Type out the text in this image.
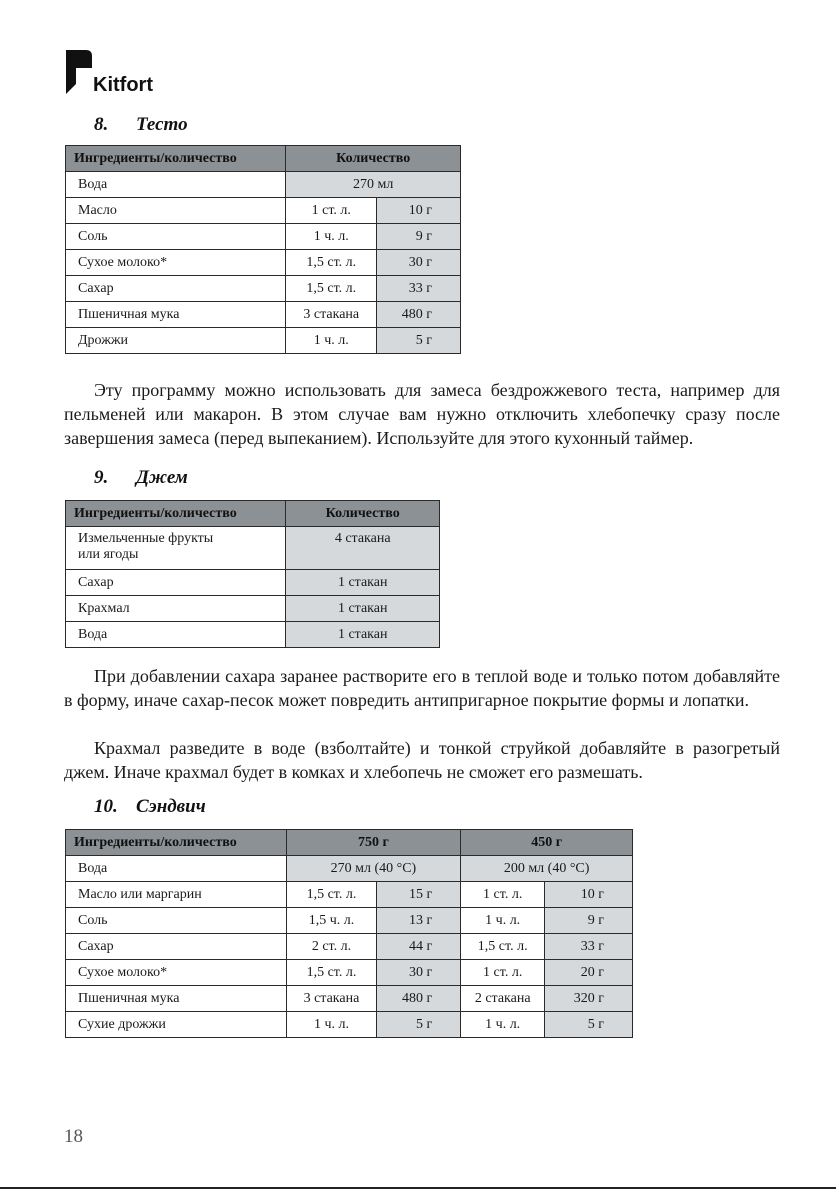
Kitfort
8. Тесто
Ингредиенты/количество	Количество	
Вода	270 мл	
Масло	1 ст. л.	10 г
Соль	1 ч. л.	9 г
Сухое молоко*	1,5 ст. л.	30 г
Сахар	1,5 ст. л.	33 г
Пшеничная мука	3 стакана	480 г
Дрожжи	1 ч. л.	5 г

Эту программу можно использовать для замеса бездрожжевого теста, например для пельменей или макарон. В этом случае вам нужно отключить хлебопечку сразу после завершения замеса (перед выпеканием). Используйте для этого кухонный таймер.

9. Джем
Ингредиенты/количество	Количество
Измельченные фрукты
или ягоды	4 стакана
Сахар	1 стакан
Крахмал	1 стакан
Вода	1 стакан

При добавлении сахара заранее растворите его в теплой воде и только потом добавляйте в форму, иначе сахар-песок может повредить антипригарное покрытие формы и лопатки.

Крахмал разведите в воде (взболтайте) и тонкой струйкой добавляйте в разогретый джем. Иначе крахмал будет в комках и хлебопечь не сможет его размешать.

10. Сэндвич
Ингредиенты/количество	750 г		450 г	
Вода	270 мл (40 °C)		200 мл (40 °C)	
Масло или маргарин	1,5 ст. л.	15 г	1 ст. л.	10 г
Соль	1,5 ч. л.	13 г	1 ч. л.	9 г
Сахар	2 ст. л.	44 г	1,5 ст. л.	33 г
Сухое молоко*	1,5 ст. л.	30 г	1 ст. л.	20 г
Пшеничная мука	3 стакана	480 г	2 стакана	320 г
Сухие дрожжи	1 ч. л.	5 г	1 ч. л.	5 г
18
